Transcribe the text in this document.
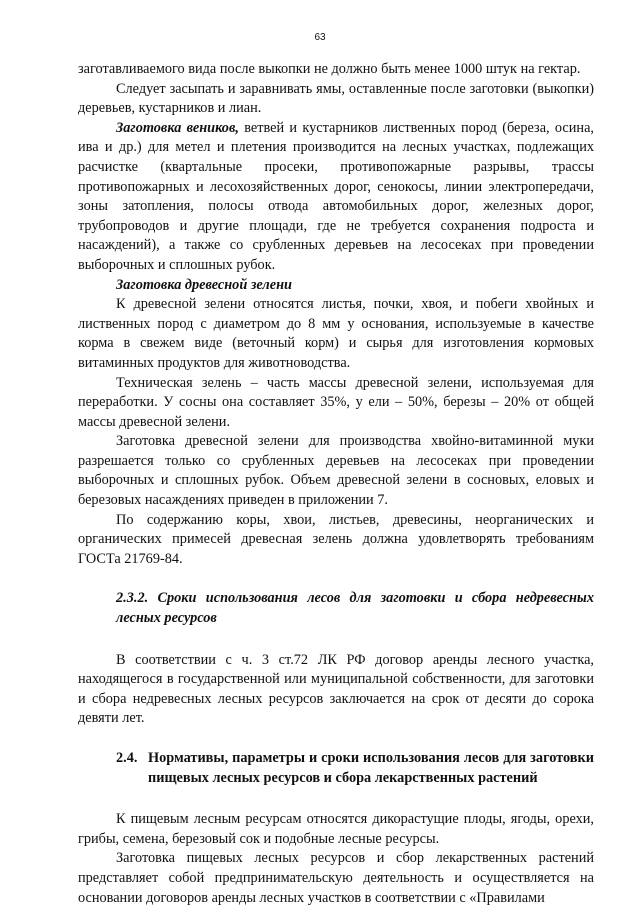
63

заготавливаемого вида после выкопки не должно быть менее 1000 штук на гектар.

Следует засыпать и заравнивать ямы, оставленные после заготовки (выкопки) деревьев, кустарников и лиан.

Заготовка веников, ветвей и кустарников лиственных пород (береза, осина, ива и др.) для метел и плетения производится на лесных участках, подлежащих расчистке (квартальные просеки, противопожарные разрывы, трассы противопожарных и лесохозяйственных дорог, сенокосы, линии электропередачи, зоны затопления, полосы отвода автомобильных дорог, железных дорог, трубопроводов и другие площади, где не требуется сохранения подроста и насаждений), а также со срубленных деревьев на лесосеках при проведении выборочных и сплошных рубок.

Заготовка древесной зелени

К древесной зелени относятся листья, почки, хвоя, и побеги хвойных и лиственных пород с диаметром до 8 мм у основания, используемые в качестве корма в свежем виде (веточный корм) и сырья для изготовления кормовых витаминных продуктов для животноводства.

Техническая зелень – часть массы древесной зелени, используемая для переработки. У сосны она составляет 35%, у ели – 50%, березы – 20% от общей массы древесной зелени.

Заготовка древесной зелени для производства хвойно-витаминной муки разрешается только со срубленных деревьев на лесосеках при проведении выборочных и сплошных рубок. Объем древесной зелени в сосновых, еловых и березовых насаждениях приведен в приложении 7.

По содержанию коры, хвои, листьев, древесины, неорганических и органических примесей древесная зелень должна удовлетворять требованиям ГОСТа 21769-84.

2.3.2. Сроки использования лесов для заготовки и сбора недревесных лесных ресурсов

В соответствии с ч. 3 ст.72 ЛК РФ договор аренды лесного участка, находящегося в государственной или муниципальной собственности, для заготовки и сбора недревесных лесных ресурсов заключается на срок от десяти до сорока девяти лет.

2.4. Нормативы, параметры и сроки использования лесов для заготовки пищевых лесных ресурсов и сбора лекарственных растений

К пищевым лесным ресурсам относятся дикорастущие плоды, ягоды, орехи, грибы, семена, березовый сок и подобные лесные ресурсы.

Заготовка пищевых лесных ресурсов и сбор лекарственных растений представляет собой предпринимательскую деятельность и осуществляется на основании договоров аренды лесных участков в соответствии с «Правилами
